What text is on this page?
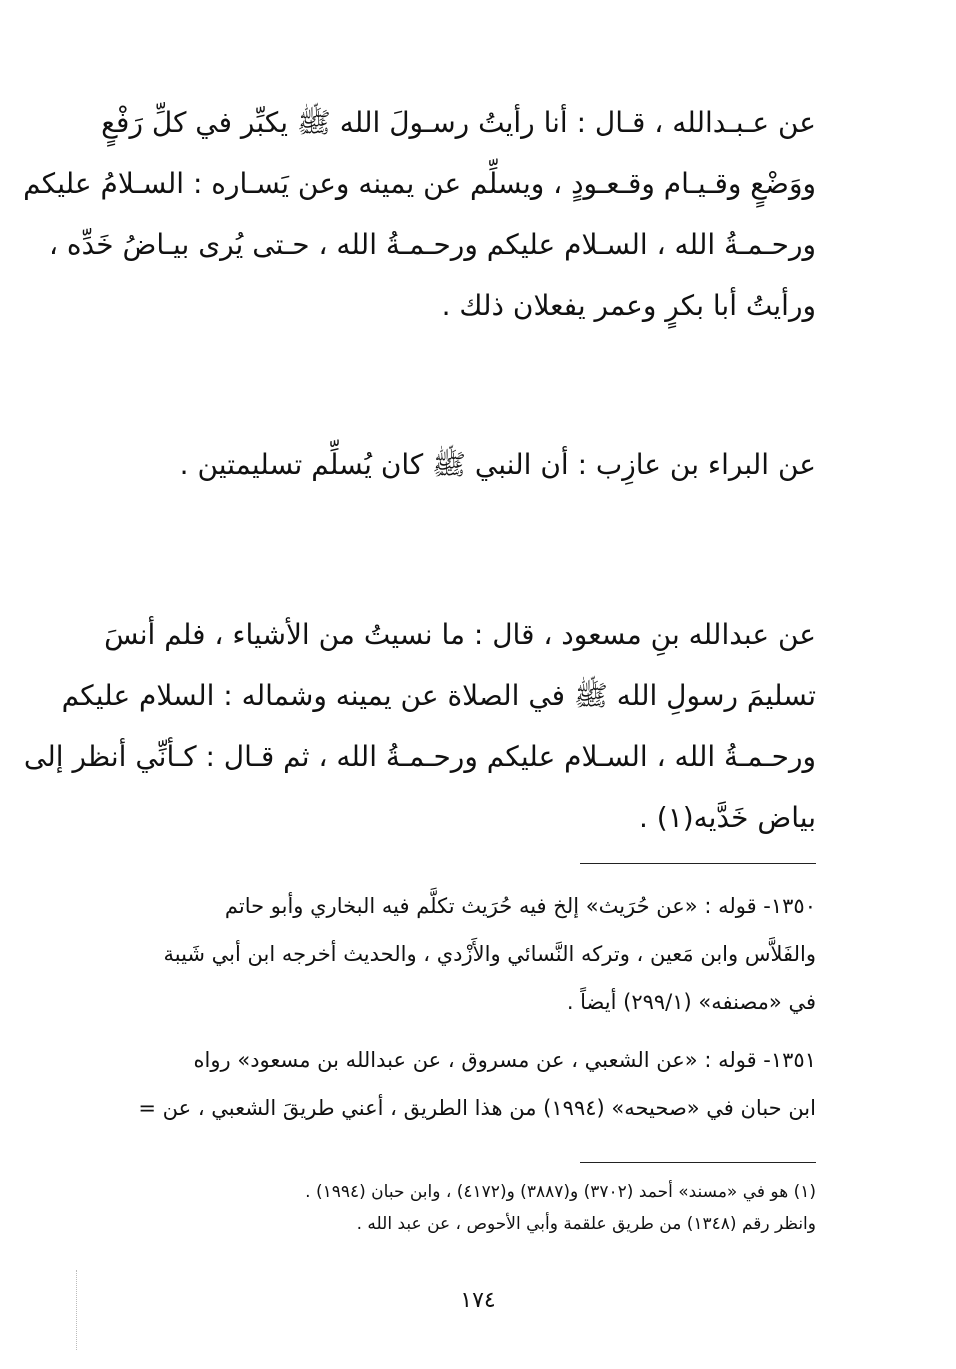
عن عـبـدالله ، قـال : أنا رأيتُ رسـولَ الله ﷺ يكبِّر في كلِّ رَفْعٍ
ووَضْعٍ وقـيـام وقـعـودٍ ، ويسلِّم عن يمينه وعن يَسـاره : السـلامُ عليكم
ورحـمـةُ الله ، السـلام عليكم ورحـمـةُ الله ، حـتى يُرى بيـاضُ خَدِّه ،
ورأيتُ أبا بكرٍ وعمر يفعلان ذلك .
عن البراء بن عازِب : أن النبي ﷺ كان يُسلِّم تسليمتين .
عن عبدالله بنِ مسعود ، قال : ما نسيتُ من الأشياء ، فلم أنسَ
تسليمَ رسولِ الله ﷺ في الصلاة عن يمينه وشماله : السلام عليكم
ورحـمـةُ الله ، السـلام عليكم ورحـمـةُ الله ، ثم قـال : كـأنِّي أنظر إلى
بياض خَدَّيه(١) .
١٣٥٠- قوله : «عن حُرَيث» إلخ فيه حُرَيث تكلَّم فيه البخاري وأبو حاتم
والفَلاَّس وابن مَعين ، وتركه النَّسائي والأَزْدي ، والحديث أخرجه ابن أبي شَيبة
في «مصنفه» (٢٩٩/١) أيضاً .
١٣٥١- قوله : «عن الشعبي ، عن مسروق ، عن عبدالله بن مسعود» رواه
ابن حبان في «صحيحه» (١٩٩٤) من هذا الطريق ، أعني طريقَ الشعبي ، عن =
(١) هو في «مسند» أحمد (٣٧٠٢) و(٣٨٨٧) و(٤١٧٢) ، وابن حبان (١٩٩٤) .
وانظر رقم (١٣٤٨) من طريق علقمة وأبي الأحوص ، عن عبد الله .
١٧٤
